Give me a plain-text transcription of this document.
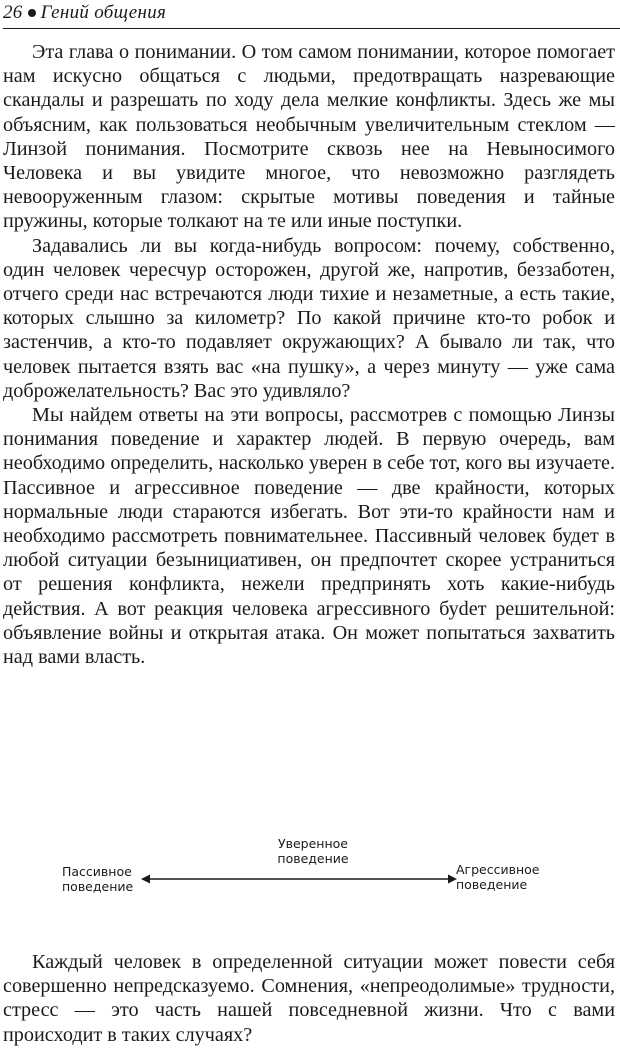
26 Гений общения

Эта глава о понимании. О том самом понимании, которое помогает нам искусно общаться с людьми, предотвращать назревающие скандалы и разрешать по ходу дела мелкие конфликты. Здесь же мы объясним, как пользоваться необычным увеличительным стеклом — Линзой понимания. Посмотрите сквозь нее на Невыносимого Человека и вы увидите многое, что невозможно разглядеть невооруженным глазом: скрытые мотивы поведения и тайные пружины, которые толкают на те или иные поступки.

Задавались ли вы когда-нибудь вопросом: почему, собственно, один человек чересчур осторожен, другой же, напротив, беззаботен, отчего среди нас встречаются люди тихие и незаметные, а есть такие, которых слышно за километр? По какой причине кто-то робок и застенчив, а кто-то подавляет окружающих? А бывало ли так, что человек пытается взять вас «на пушку», а через минуту — уже сама доброжелательность? Вас это удивляло?

Мы найдем ответы на эти вопросы, рассмотрев с помощью Линзы понимания поведение и характер людей. В первую очередь, вам необходимо определить, насколько уверен в себе тот, кого вы изучаете. Пассивное и агрессивное поведение — две крайности, которых нормальные люди стараются избегать. Вот эти-то крайности нам и необходимо рассмотреть повнимательнее. Пассивный человек будет в любой ситуации безынициативен, он предпочтет скорее устраниться от решения конфликта, нежели предпринять хоть какие-нибудь действия. А вот реакция человека агрессивного буdет решительной: объявление войны и открытая атака. Он может попытаться захватить над вами власть.

Пассивное
поведение
Уверенное
поведение
Агрессивное
поведение

Каждый человек в определенной ситуации может повести себя совершенно непредсказуемо. Сомнения, «непреодолимые» трудности, стресс — это часть нашей повседневной жизни. Что с вами происходит в таких случаях?
